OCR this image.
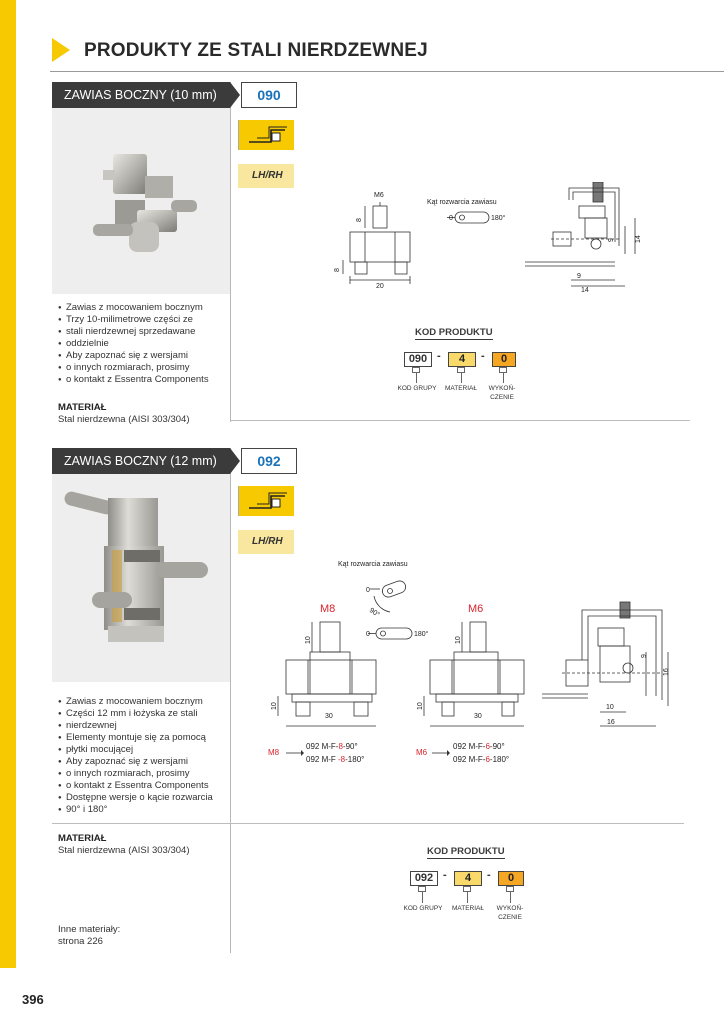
396
PRODUKTY ZE STALI NIERDZEWNEJ
ZAWIAS BOCZNY (10 mm)	090
LH/RH
● Zawias z mocowaniem bocznym
● Trzy 10-milimetrowe części ze
● stali nierdzewnej sprzedawane
● oddzielnie
● Aby zapoznać się z wersjami
● o innych rozmiarach, prosimy
● o kontakt z Essentra Components
MATERIAŁ
Stal nierdzewna (AISI 303/304)
M6
8
8
20
Kąt rozwarcia zawiasu
0	180°
9	14
9
14
KOD PRODUKTU
090 -	4	-	0
KOD GRUPY	MATERIAŁ	WYKOŃ-
CZENIE
ZAWIAS BOCZNY (12 mm)	092
LH/RH
● Zawias z mocowaniem bocznym
● Części 12 mm i łożyska ze stali
● nierdzewnej
● Elementy montuje się za pomocą
● płytki mocującej
● Aby zapoznać się z wersjami
● o innych rozmiarach, prosimy
● o kontakt z Essentra Components
● Dostępne wersje o kącie rozwarcia
● 90° i 180°
MATERIAŁ
Stal nierdzewna (AISI 303/304)
Inne materiały:
strona 226
Kąt rozwarcia zawiasu
0
90°
0	180°
M8
10
10
30
M6
10
10
30
9
16
10
16
M8
092 M-F-8-90°
092 M-F -8-180°
M6
092 M-F-6-90°
092 M-F-6-180°
KOD PRODUKTU
092 -	4	-	0
KOD GRUPY	MATERIAŁ	WYKOŃ-
CZENIE
